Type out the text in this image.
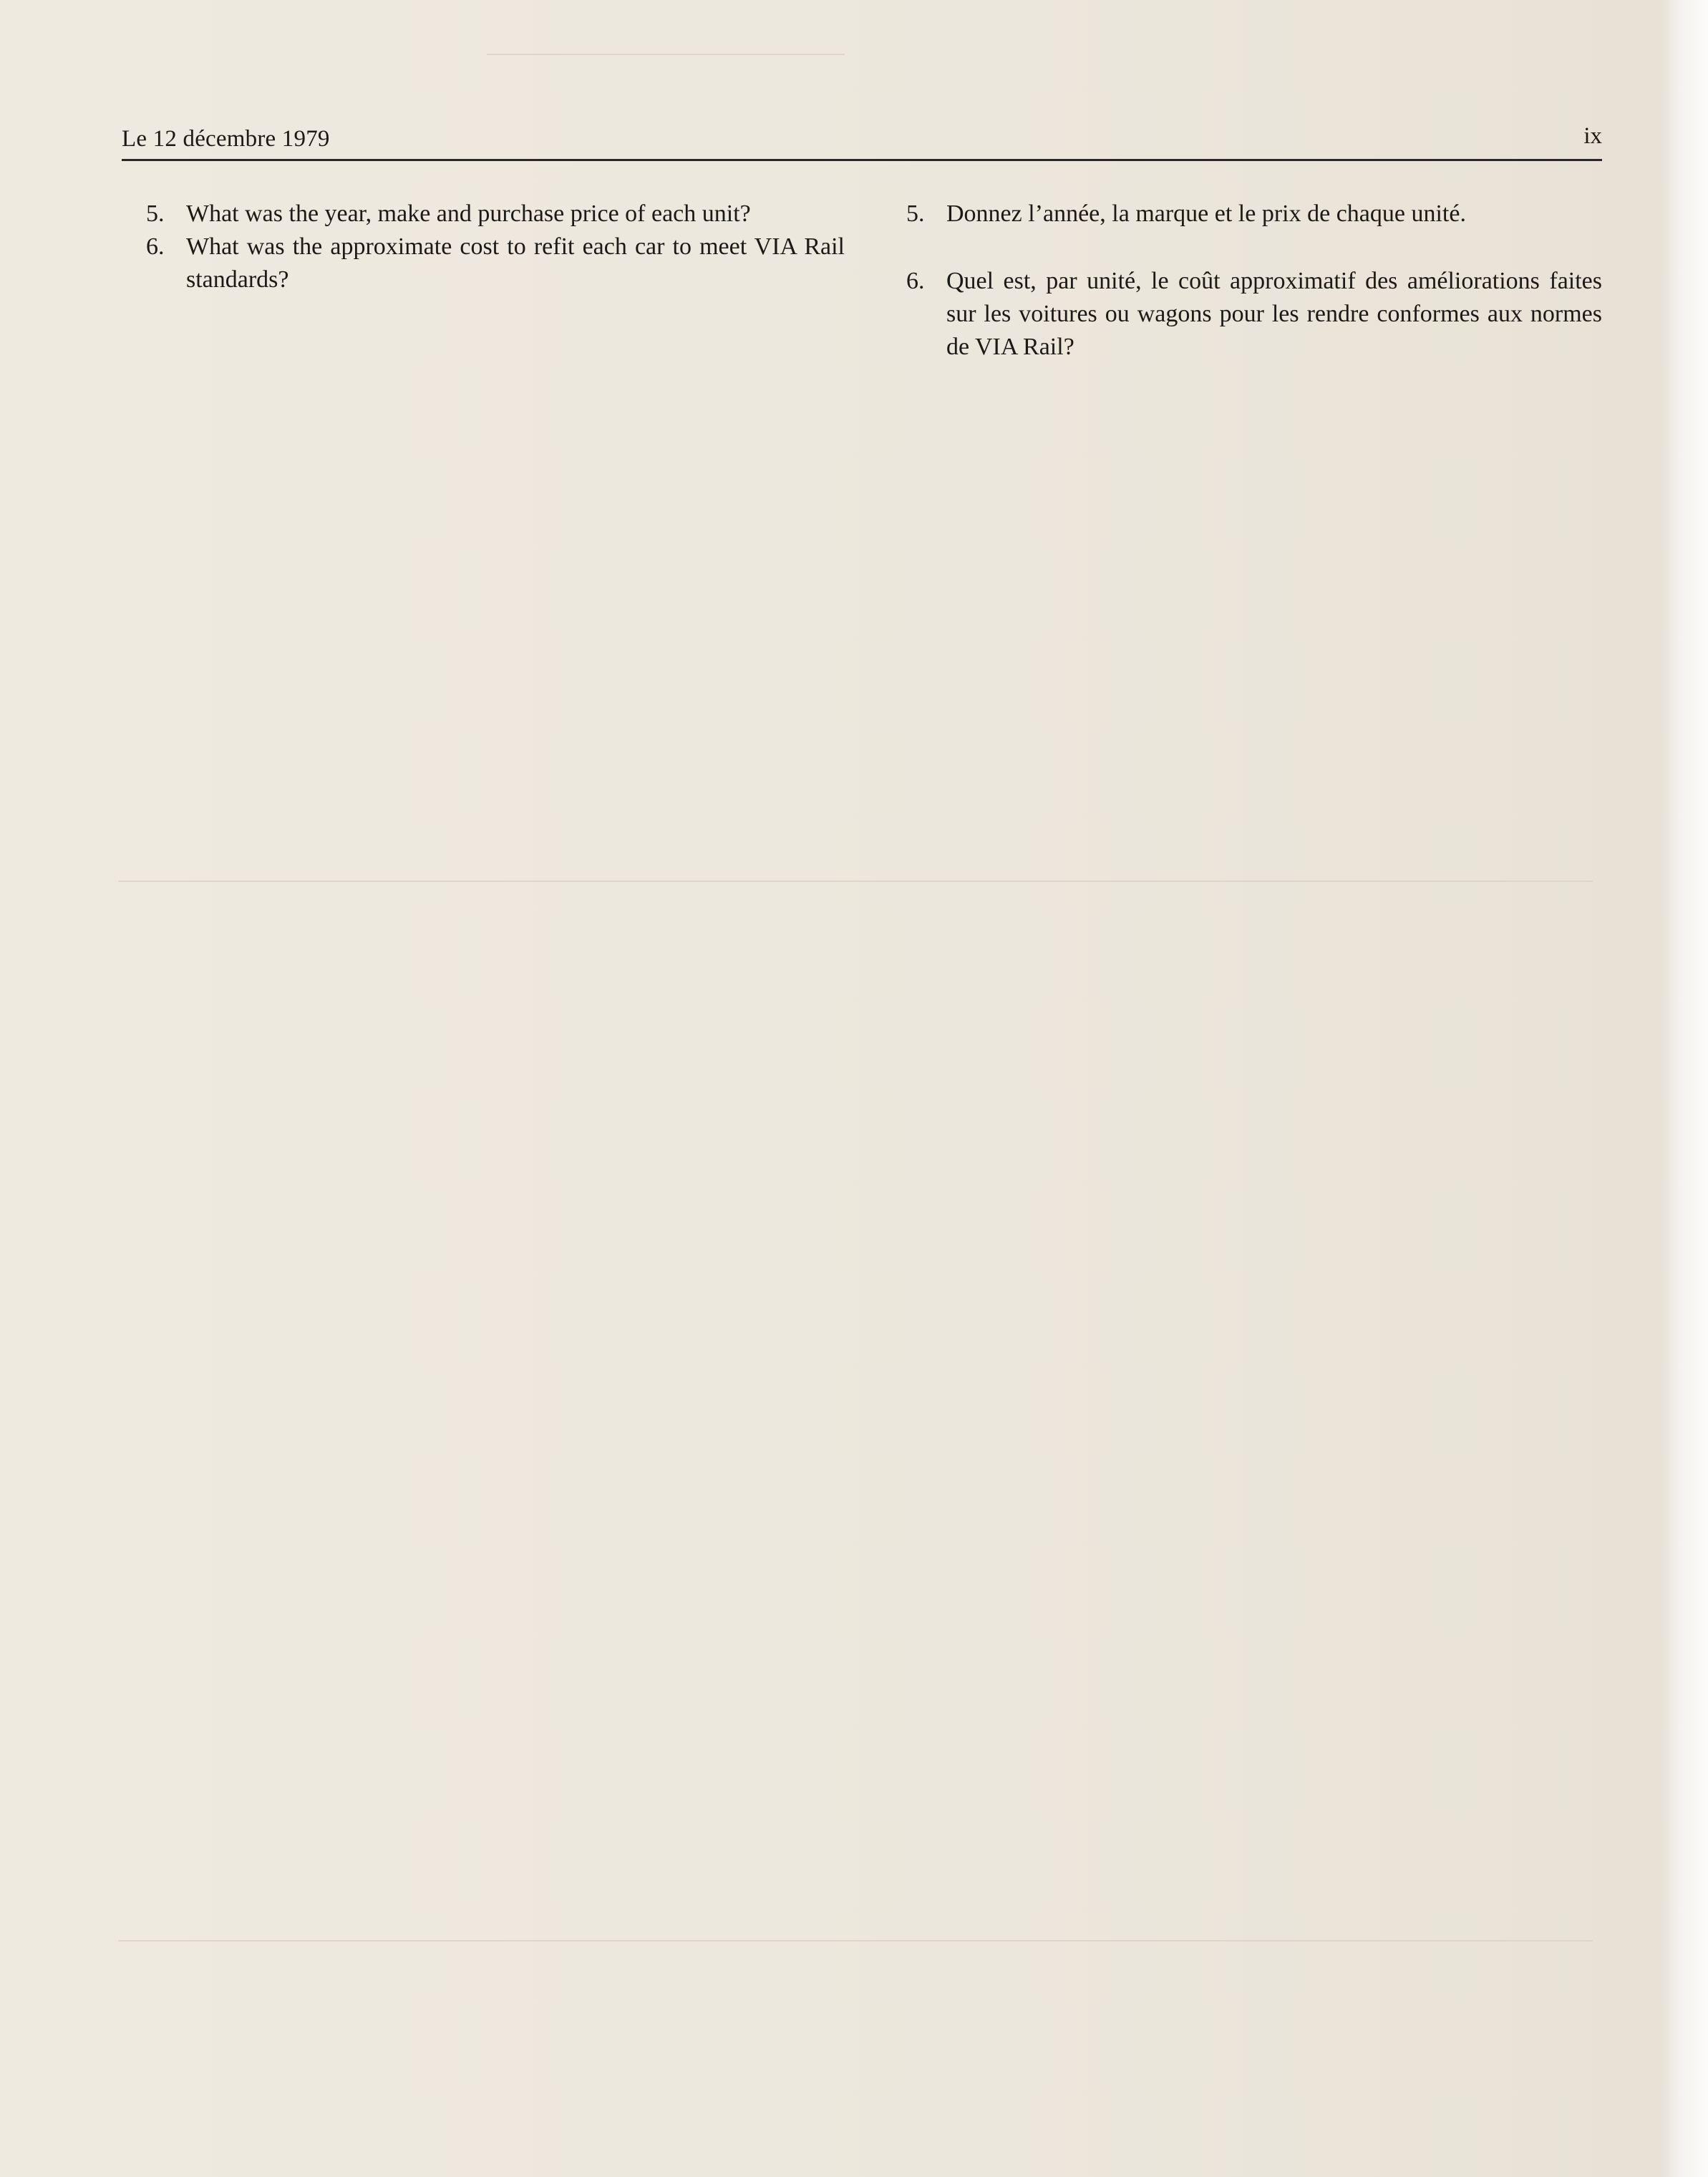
Le 12 décembre 1979	ix
5. What was the year, make and purchase price of each unit?
6. What was the approximate cost to refit each car to meet VIA Rail standards?
5. Donnez l’année, la marque et le prix de chaque unité.
6. Quel est, par unité, le coût approximatif des améliorations faites sur les voitures ou wagons pour les rendre conformes aux normes de VIA Rail?
